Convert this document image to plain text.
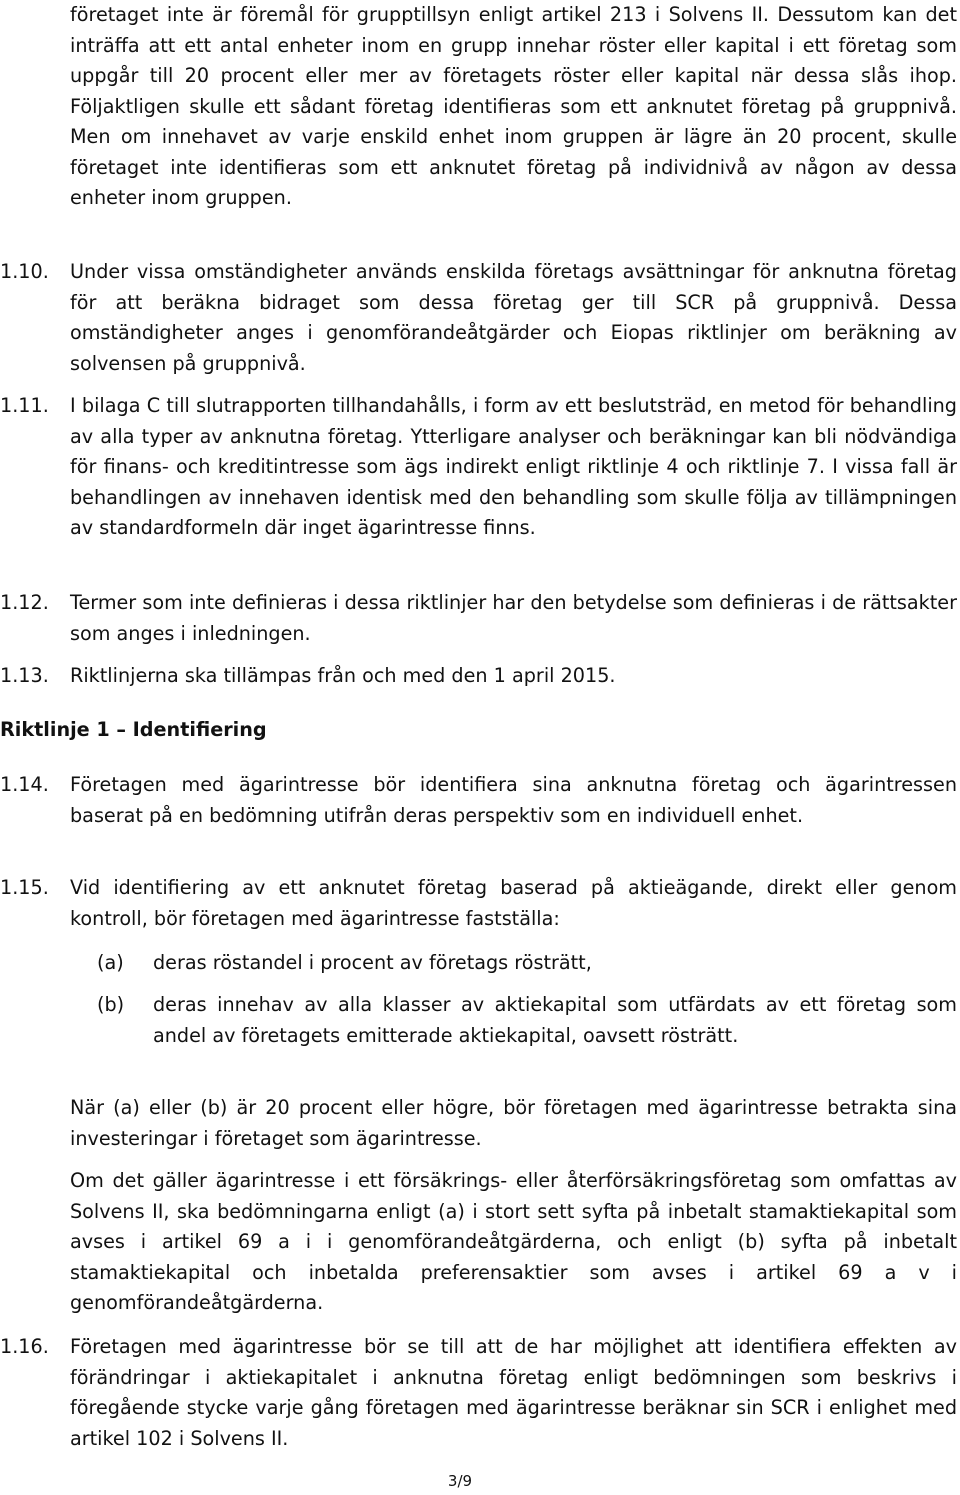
företaget inte är föremål för grupptillsyn enligt artikel 213 i Solvens II. Dessutom kan det inträffa att ett antal enheter inom en grupp innehar röster eller kapital i ett företag som uppgår till 20 procent eller mer av företagets röster eller kapital när dessa slås ihop. Följaktligen skulle ett sådant företag identifieras som ett anknutet företag på gruppnivå. Men om innehavet av varje enskild enhet inom gruppen är lägre än 20 procent, skulle företaget inte identifieras som ett anknutet företag på individnivå av någon av dessa enheter inom gruppen.

1.10. Under vissa omständigheter används enskilda företags avsättningar för anknutna företag för att beräkna bidraget som dessa företag ger till SCR på gruppnivå. Dessa omständigheter anges i genomförandeåtgärder och Eiopas riktlinjer om beräkning av solvensen på gruppnivå.

1.11. I bilaga C till slutrapporten tillhandahålls, i form av ett beslutsträd, en metod för behandling av alla typer av anknutna företag. Ytterligare analyser och beräkningar kan bli nödvändiga för finans- och kreditintresse som ägs indirekt enligt riktlinje 4 och riktlinje 7. I vissa fall är behandlingen av innehaven identisk med den behandling som skulle följa av tillämpningen av standardformeln där inget ägarintresse finns.

1.12. Termer som inte definieras i dessa riktlinjer har den betydelse som definieras i de rättsakter som anges i inledningen.

1.13. Riktlinjerna ska tillämpas från och med den 1 april 2015.

Riktlinje 1 – Identifiering

1.14. Företagen med ägarintresse bör identifiera sina anknutna företag och ägarintressen baserat på en bedömning utifrån deras perspektiv som en individuell enhet.

1.15. Vid identifiering av ett anknutet företag baserad på aktieägande, direkt eller genom kontroll, bör företagen med ägarintresse fastställa:

(a) deras röstandel i procent av företags rösträtt,

(b) deras innehav av alla klasser av aktiekapital som utfärdats av ett företag som andel av företagets emitterade aktiekapital, oavsett rösträtt.

När (a) eller (b) är 20 procent eller högre, bör företagen med ägarintresse betrakta sina investeringar i företaget som ägarintresse.

Om det gäller ägarintresse i ett försäkrings- eller återförsäkringsföretag som omfattas av Solvens II, ska bedömningarna enligt (a) i stort sett syfta på inbetalt stamaktiekapital som avses i artikel 69 a i i genomförandeåtgärderna, och enligt (b) syfta på inbetalt stamaktiekapital och inbetalda preferensaktier som avses i artikel 69 a v i genomförandeåtgärderna.

1.16. Företagen med ägarintresse bör se till att de har möjlighet att identifiera effekten av förändringar i aktiekapitalet i anknutna företag enligt bedömningen som beskrivs i föregående stycke varje gång företagen med ägarintresse beräknar sin SCR i enlighet med artikel 102 i Solvens II.

3/9
